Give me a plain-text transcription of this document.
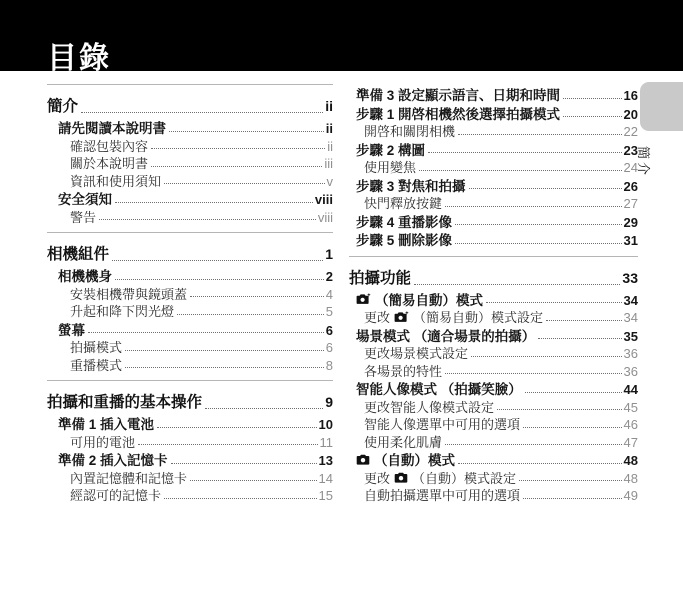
目錄
簡介	ii
請先閱讀本說明書	ii
確認包裝內容	ii
關於本說明書	iii
資訊和使用須知	v
安全須知	viii
警告	viii
相機組件	1
相機機身	2
安裝相機帶與鏡頭蓋	4
升起和降下閃光燈	5
螢幕	6
拍攝模式	6
重播模式	8
拍攝和重播的基本操作	9
準備 1 插入電池	10
可用的電池	11
準備 2 插入記憶卡	13
內置記憶體和記憶卡	14
經認可的記憶卡	15
準備 3 設定顯示語言、日期和時間	16
步驟 1 開啓相機然後選擇拍攝模式	20
開啓和關閉相機	22
步驟 2 構圖	23
使用變焦	24
步驟 3 對焦和拍攝	26
快門釋放按鍵	27
步驟 4 重播影像	29
步驟 5 刪除影像	31
拍攝功能	33
（簡易自動）模式	34
更改 （簡易自動）模式設定	34
場景模式 （適合場景的拍攝）	35
更改場景模式設定	36
各場景的特性	36
智能人像模式 （拍攝笑臉）	44
更改智能人像模式設定	45
智能人像選單中可用的選項	46
使用柔化肌膚	47
（自動）模式	48
更改 （自動）模式設定	48
自動拍攝選單中可用的選項	49
簡介
